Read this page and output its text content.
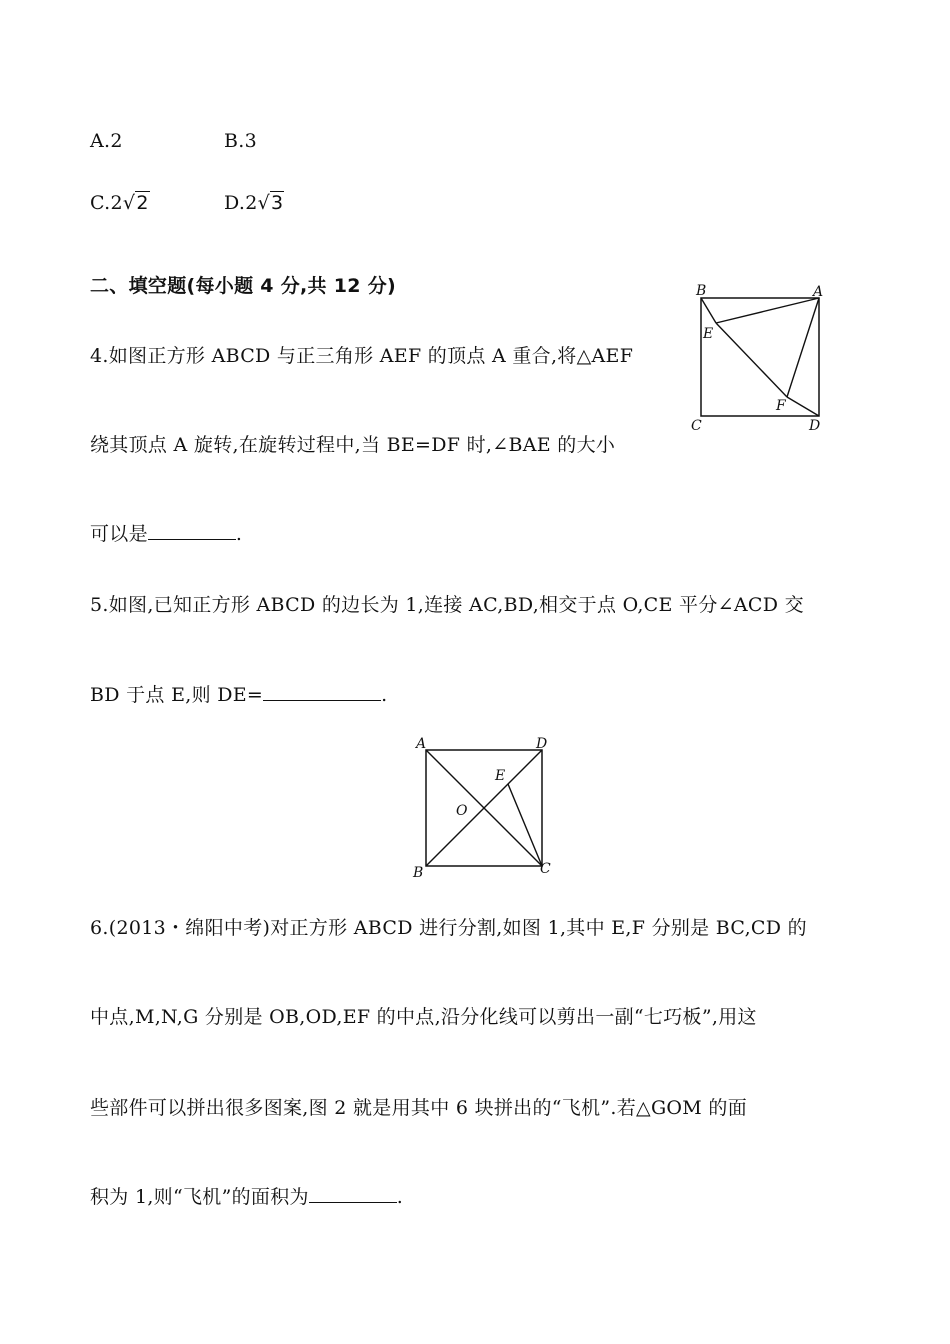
A.2	B.3
C.2√2	D.2√3
二、填空题(每小题 4 分,共 12 分)
4.如图正方形 ABCD 与正三角形 AEF 的顶点 A 重合,将△AEF
绕其顶点 A 旋转,在旋转过程中,当 BE=DF 时,∠BAE 的大小
可以是	.
B	A
E
F
C	D
5.如图,已知正方形 ABCD 的边长为 1,连接 AC,BD,相交于点 O,CE 平分∠ACD 交
BD 于点 E,则 DE=	.
A	D
E
O
B	C
6.(2013・绵阳中考)对正方形 ABCD 进行分割,如图 1,其中 E,F 分别是 BC,CD 的
中点,M,N,G 分别是 OB,OD,EF 的中点,沿分化线可以剪出一副“七巧板”,用这
些部件可以拼出很多图案,图 2 就是用其中 6 块拼出的“飞机”.若△GOM 的面
积为 1,则“飞机”的面积为	.
